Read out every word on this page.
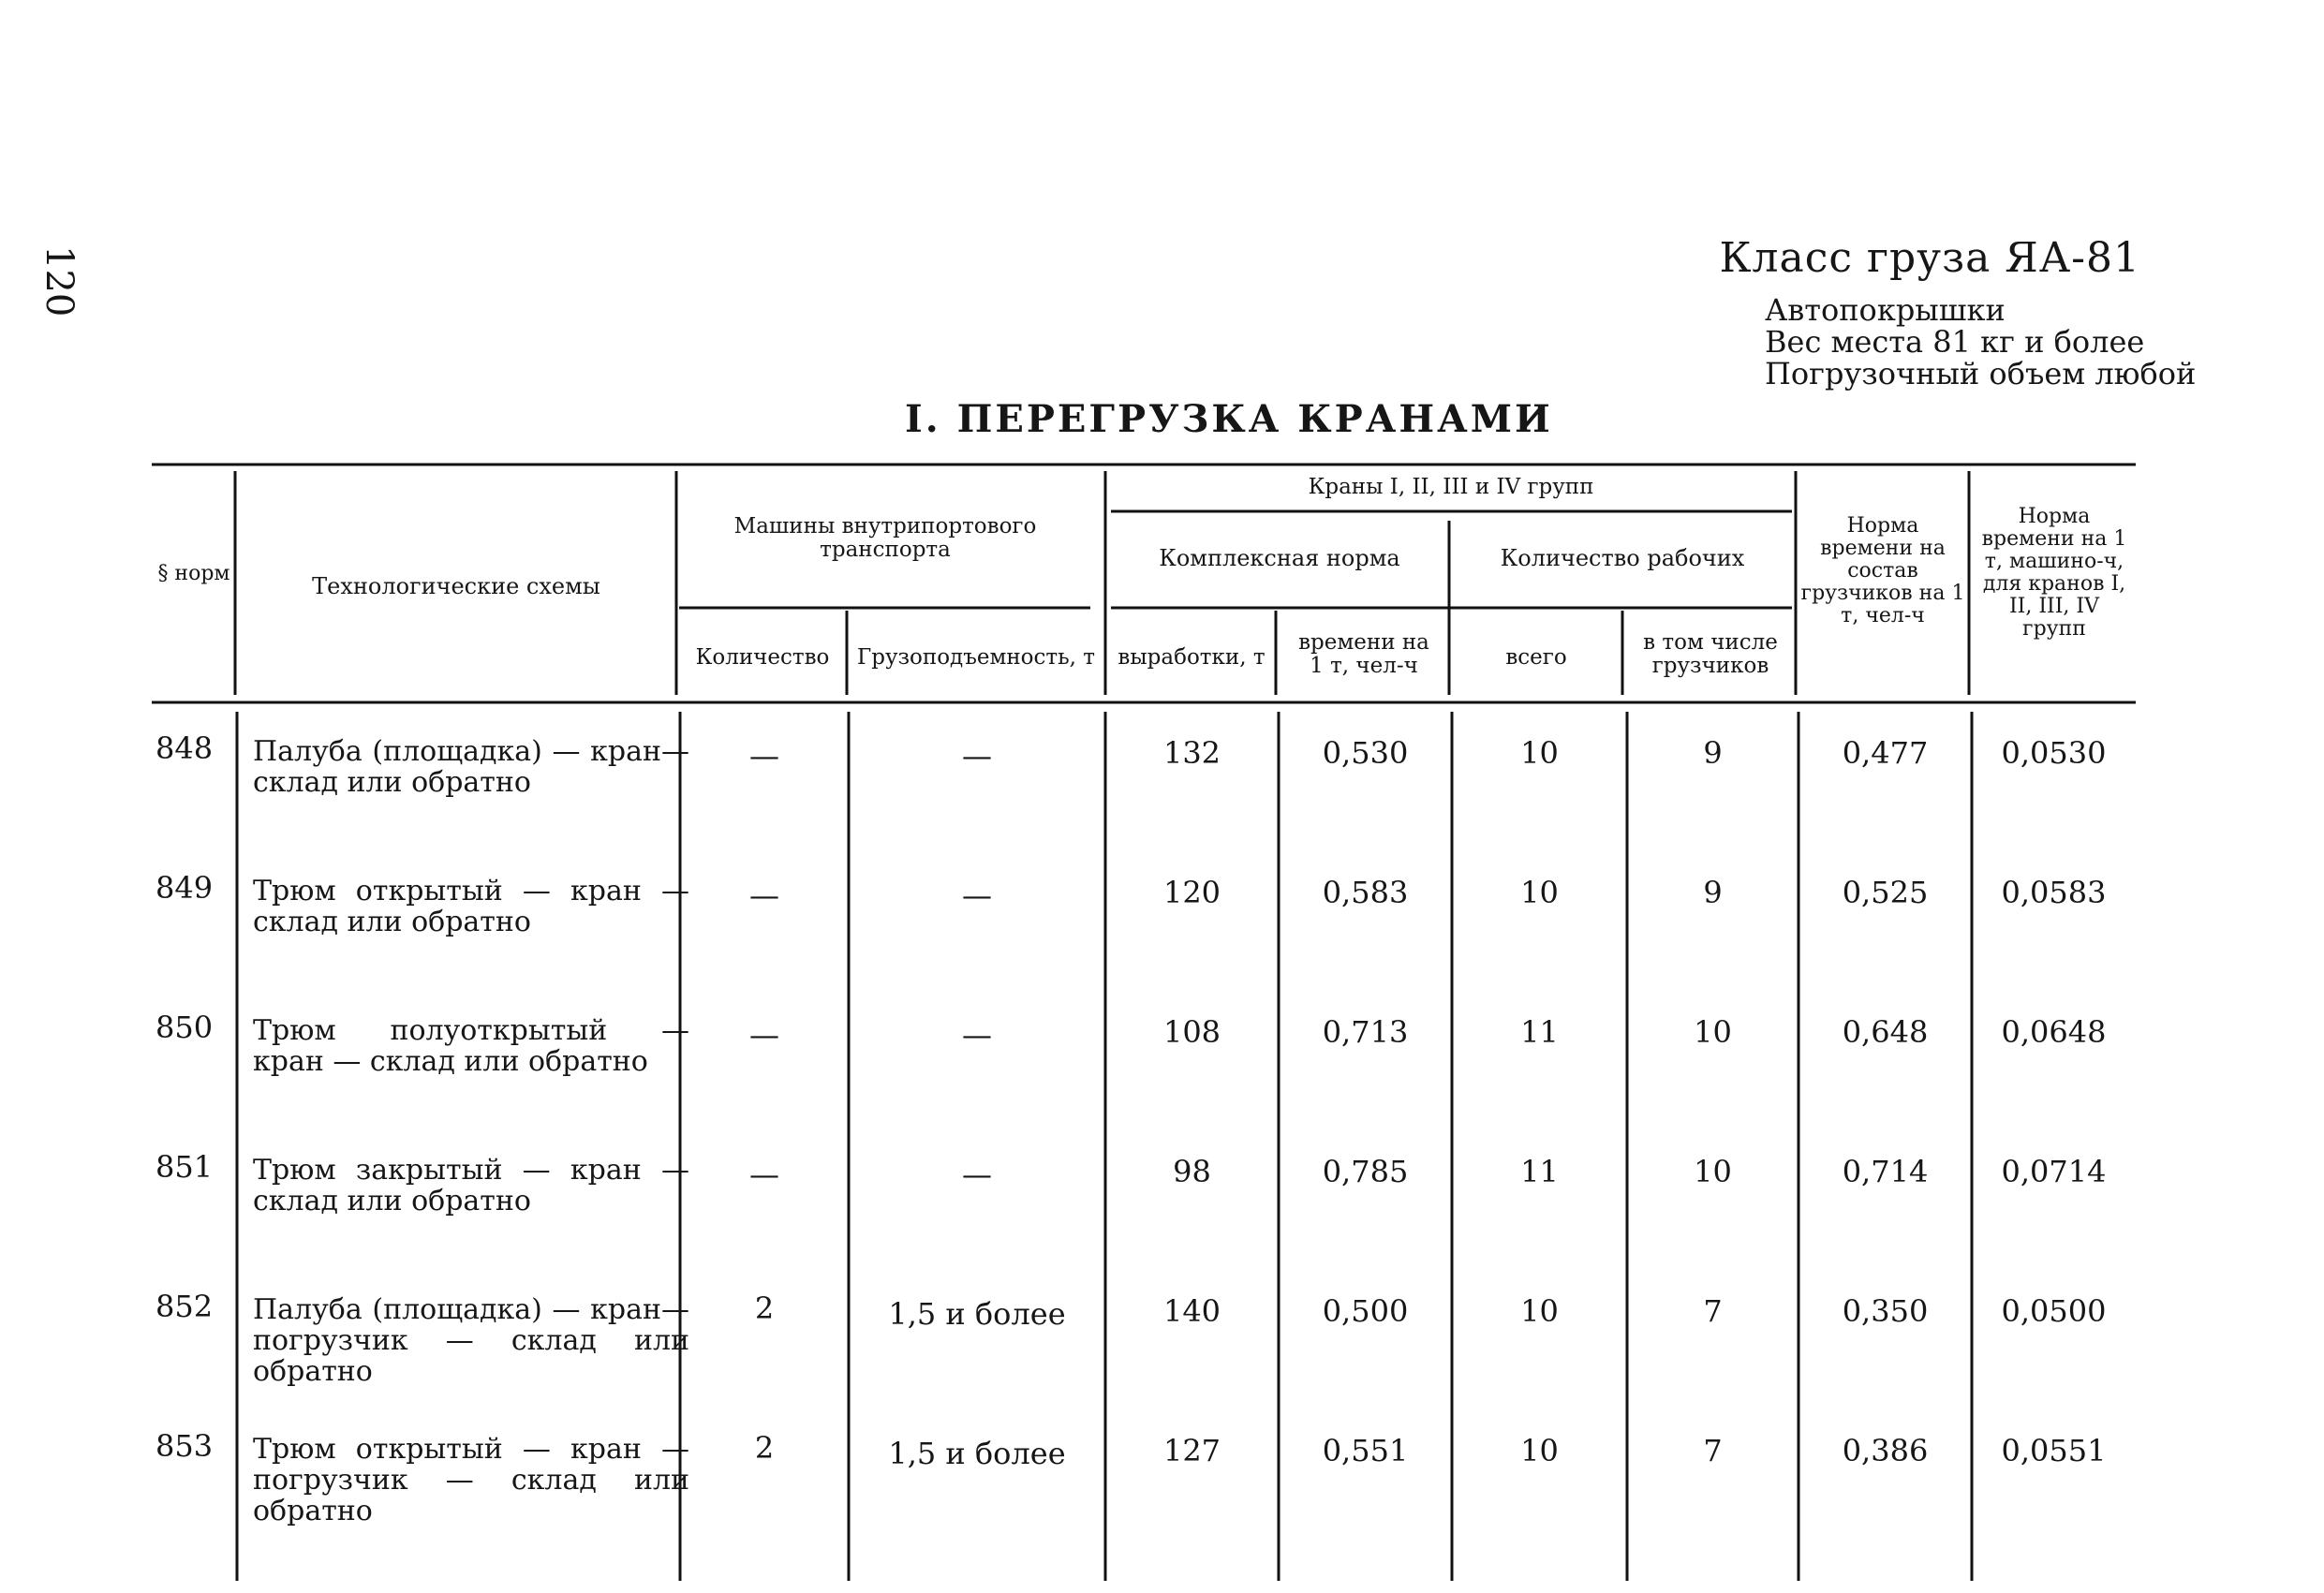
120	Класс груза ЯА-81
Автопокрышки
Вес места 81 кг и более
Погрузочный объем любой
I. ПЕРЕГРУЗКА КРАНАМИ
§ норм	Технологические схемы
Машины внутрипортового транспорта
Количество	Грузоподъемность, т
Краны I, II, III и IV групп
Комплексная норма
выработки, т
времени на 1 т, чел-ч
Количество рабочих
всего
в том числе грузчиков
Норма времени на состав грузчиков на 1 т, чел-ч
Норма времени на 1 т, машино-ч, для кранов I, II, III, IV групп
848 Палуба (площадка) — кран—
склад или обратно
—	—	132	0,530	10	9	0,477	0,0530
849 Трюм открытый — кран —
склад или обратно
—	—	120	0,583	10	9	0,525	0,0583
850 Трюм полуоткрытый —
кран — склад или обратно
—	—	108	0,713	11	10	0,648	0,0648
851 Трюм закрытый — кран —
склад или обратно
—	—	98	0,785	11	10	0,714	0,0714
852 Палуба (площадка) — кран—
погрузчик — склад или обратно
2	1,5 и более	140	0,500	10	7	0,350	0,0500
853 Трюм открытый — кран —
погрузчик — склад или обратно
2	1,5 и более	127	0,551	10	7	0,386	0,0551
